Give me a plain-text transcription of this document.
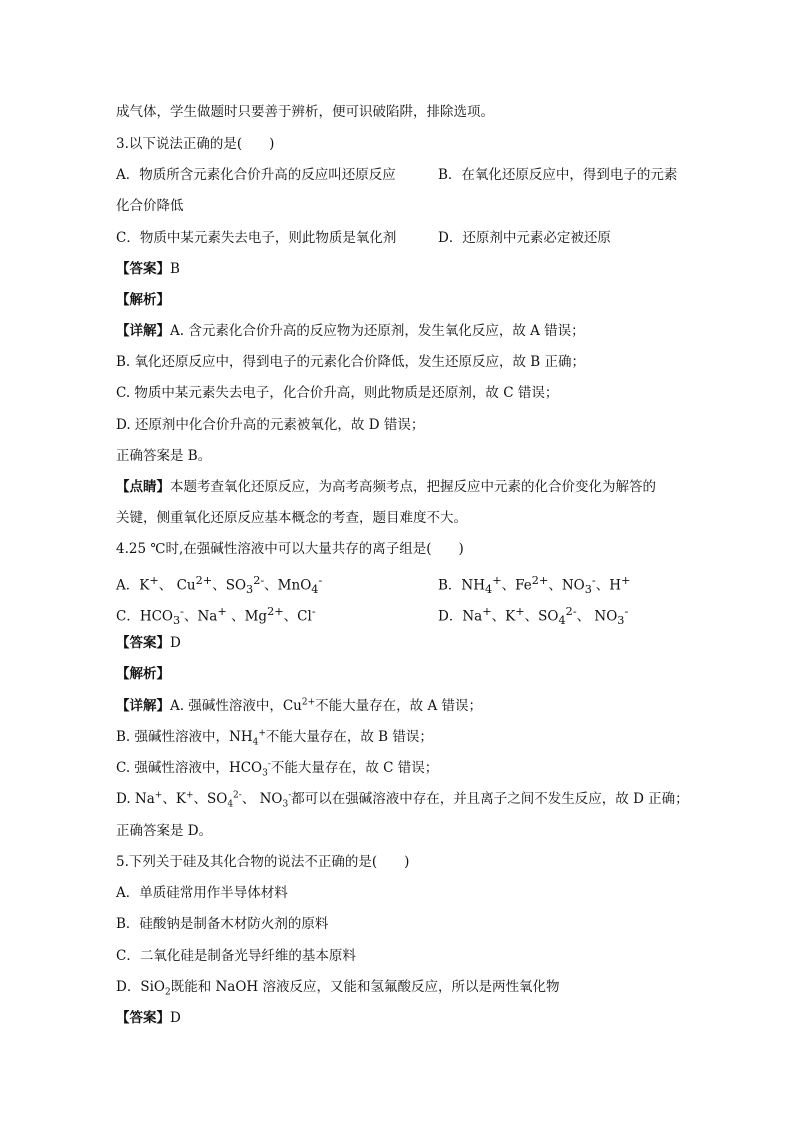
成气体，学生做题时只要善于辨析，便可识破陷阱，排除选项。
3.以下说法正确的是(　　)
A．物质所含元素化合价升高的反应叫还原反应	B．在氧化还原反应中，得到电子的元素
化合价降低
C．物质中某元素失去电子，则此物质是氧化剂	D．还原剂中元素必定被还原
【答案】B
【解析】
【详解】A. 含元素化合价升高的反应物为还原剂，发生氧化反应，故 A 错误；
B. 氧化还原反应中，得到电子的元素化合价降低，发生还原反应，故 B 正确；
C. 物质中某元素失去电子，化合价升高，则此物质是还原剂，故 C 错误；
D. 还原剂中化合价升高的元素被氧化，故 D 错误；
正确答案是 B。
【点睛】本题考查氧化还原反应，为高考高频考点，把握反应中元素的化合价变化为解答的
关键，侧重氧化还原反应基本概念的考查，题目难度不大。
4.25 ℃时,在强碱性溶液中可以大量共存的离子组是(　　)
A．K+、 $Cu^{2+}$、$SO_3^{2-}$、MnO$_4$-	B．$NH_4^+$、$Fe^{2+}$、$NO_3^-$、H+
C．$HCO_3^-$、Na+ 、$Mg^{2+}$、Cl-	D．Na+、K+、$SO_4^{2-}$、 $NO_3^-$
【答案】D
【解析】
【详解】A. 强碱性溶液中，$Cu^{2+}$不能大量存在，故 A 错误；
B. 强碱性溶液中，$NH_4^+$不能大量存在，故 B 错误；
C. 强碱性溶液中，$HCO_3^-$不能大量存在，故 C 错误；
D. Na+、K+、$SO_4^{2-}$、 $NO_3^-$都可以在强碱溶液中存在，并且离子之间不发生反应，故 D 正确；
正确答案是 D。
5.下列关于硅及其化合物的说法不正确的是(　　)
A．单质硅常用作半导体材料
B．硅酸钠是制备木材防火剂的原料
C．二氧化硅是制备光导纤维的基本原料
D．SiO$_2$既能和 NaOH 溶液反应，又能和氢氟酸反应，所以是两性氧化物
【答案】D
